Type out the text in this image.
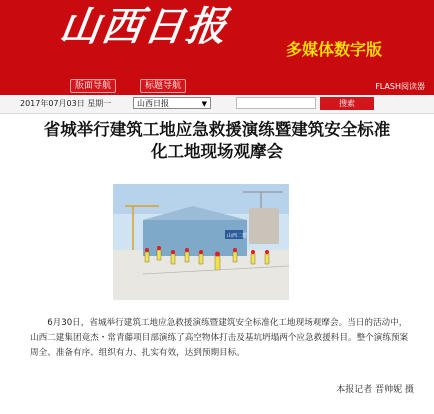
山西日报	多媒体数字版
版面导航	标题导航	FLASH阅读器
2017年07月03日 星期一	山西日报	▼	搜索
省城举行建筑工地应急救援演练暨建筑安全标准
化工地现场观摩会
山西二建
6月30日，省城举行建筑工地应急救援演练暨建筑安全标准化工地现场观摩会。当日的活动中，山西二建集团竟杰・常青藤项目部演练了高空物体打击及基坑坍塌两个应急救援科目。整个演练预案周全、准备有序、组织有力、扎实有效，达到预期目标。
本报记者 晋帅妮 摄
